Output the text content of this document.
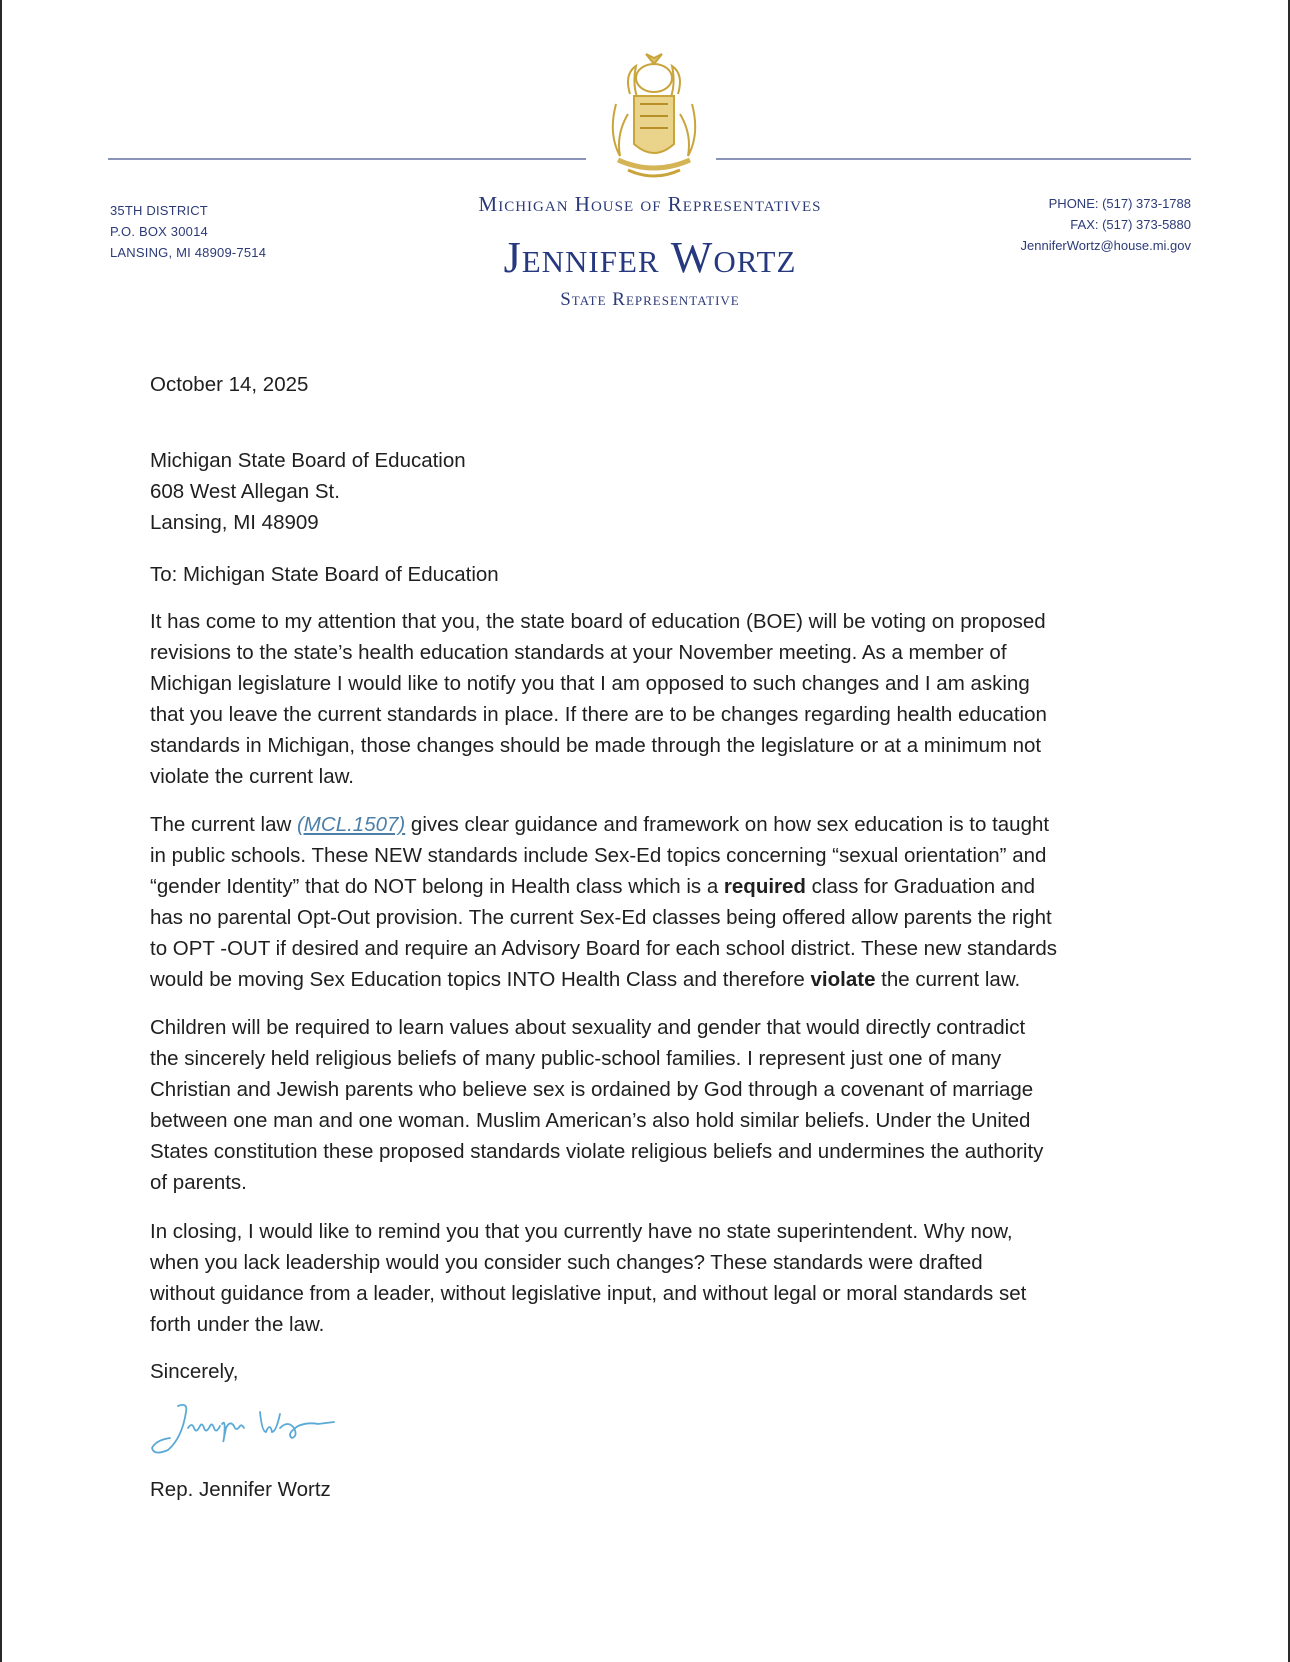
35TH DISTRICT
P.O. BOX 30014
LANSING, MI 48909-7514
Michigan House of Representatives
Jennifer Wortz
State Representative
PHONE: (517) 373-1788
FAX: (517) 373-5880
JenniferWortz@house.mi.gov
October 14, 2025
Michigan State Board of Education
608 West Allegan St.
Lansing, MI 48909
To: Michigan State Board of Education
It has come to my attention that you, the state board of education (BOE) will be voting on proposed
revisions to the state’s health education standards at your November meeting. As a member of
Michigan legislature I would like to notify you that I am opposed to such changes and I am asking
that you leave the current standards in place. If there are to be changes regarding health education
standards in Michigan, those changes should be made through the legislature or at a minimum not
violate the current law.
The current law (MCL.1507) gives clear guidance and framework on how sex education is to taught
in public schools. These NEW standards include Sex-Ed topics concerning “sexual orientation” and
“gender Identity” that do NOT belong in Health class which is a required class for Graduation and
has no parental Opt-Out provision. The current Sex-Ed classes being offered allow parents the right
to OPT -OUT if desired and require an Advisory Board for each school district. These new standards
would be moving Sex Education topics INTO Health Class and therefore violate the current law.
Children will be required to learn values about sexuality and gender that would directly contradict
the sincerely held religious beliefs of many public-school families. I represent just one of many
Christian and Jewish parents who believe sex is ordained by God through a covenant of marriage
between one man and one woman. Muslim American’s also hold similar beliefs. Under the United
States constitution these proposed standards violate religious beliefs and undermines the authority
of parents.
In closing, I would like to remind you that you currently have no state superintendent. Why now,
when you lack leadership would you consider such changes? These standards were drafted
without guidance from a leader, without legislative input, and without legal or moral standards set
forth under the law.
Sincerely,
Rep. Jennifer Wortz
